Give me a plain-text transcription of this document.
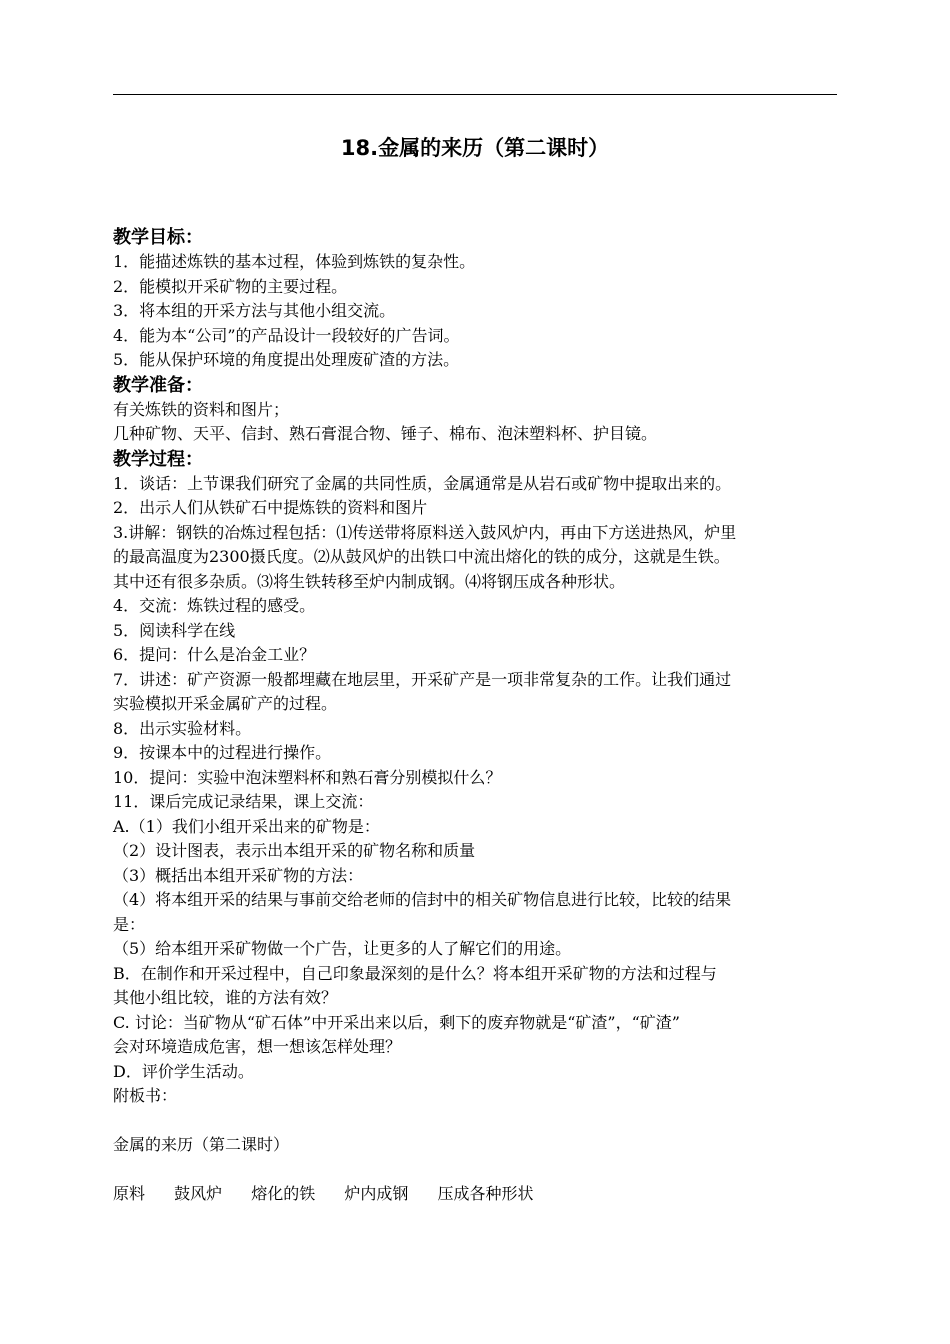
18.金属的来历（第二课时）
教学目标：
1．能描述炼铁的基本过程，体验到炼铁的复杂性。
2．能模拟开采矿物的主要过程。
3．将本组的开采方法与其他小组交流。
4．能为本“公司”的产品设计一段较好的广告词。
5．能从保护环境的角度提出处理废矿渣的方法。
教学准备：
有关炼铁的资料和图片；
几种矿物、天平、信封、熟石膏混合物、锤子、棉布、泡沫塑料杯、护目镜。
教学过程：
1．谈话：上节课我们研究了金属的共同性质，金属通常是从岩石或矿物中提取出来的。
2．出示人们从铁矿石中提炼铁的资料和图片
3.讲解：钢铁的冶炼过程包括：⑴传送带将原料送入鼓风炉内，再由下方送进热风，炉里
的最高温度为2300摄氏度。⑵从鼓风炉的出铁口中流出熔化的铁的成分，这就是生铁。
其中还有很多杂质。⑶将生铁转移至炉内制成钢。⑷将钢压成各种形状。
4．交流：炼铁过程的感受。
5．阅读科学在线
6．提问：什么是冶金工业？
7．讲述：矿产资源一般都埋藏在地层里，开采矿产是一项非常复杂的工作。让我们通过
实验模拟开采金属矿产的过程。
8．出示实验材料。
9．按课本中的过程进行操作。
10．提问：实验中泡沫塑料杯和熟石膏分别模拟什么？
11．课后完成记录结果，课上交流：
A.（1）我们小组开采出来的矿物是：
（2）设计图表，表示出本组开采的矿物名称和质量
（3）概括出本组开采矿物的方法：
（4）将本组开采的结果与事前交给老师的信封中的相关矿物信息进行比较，比较的结果
是：
（5）给本组开采矿物做一个广告，让更多的人了解它们的用途。
B．在制作和开采过程中，自己印象最深刻的是什么？将本组开采矿物的方法和过程与
其他小组比较，谁的方法有效？
C. 讨论：当矿物从“矿石体”中开采出来以后，剩下的废弃物就是“矿渣”，“矿渣”
会对环境造成危害，想一想该怎样处理？
D．评价学生活动。
附板书：
金属的来历（第二课时）
原料 鼓风炉 熔化的铁 炉内成钢 压成各种形状
